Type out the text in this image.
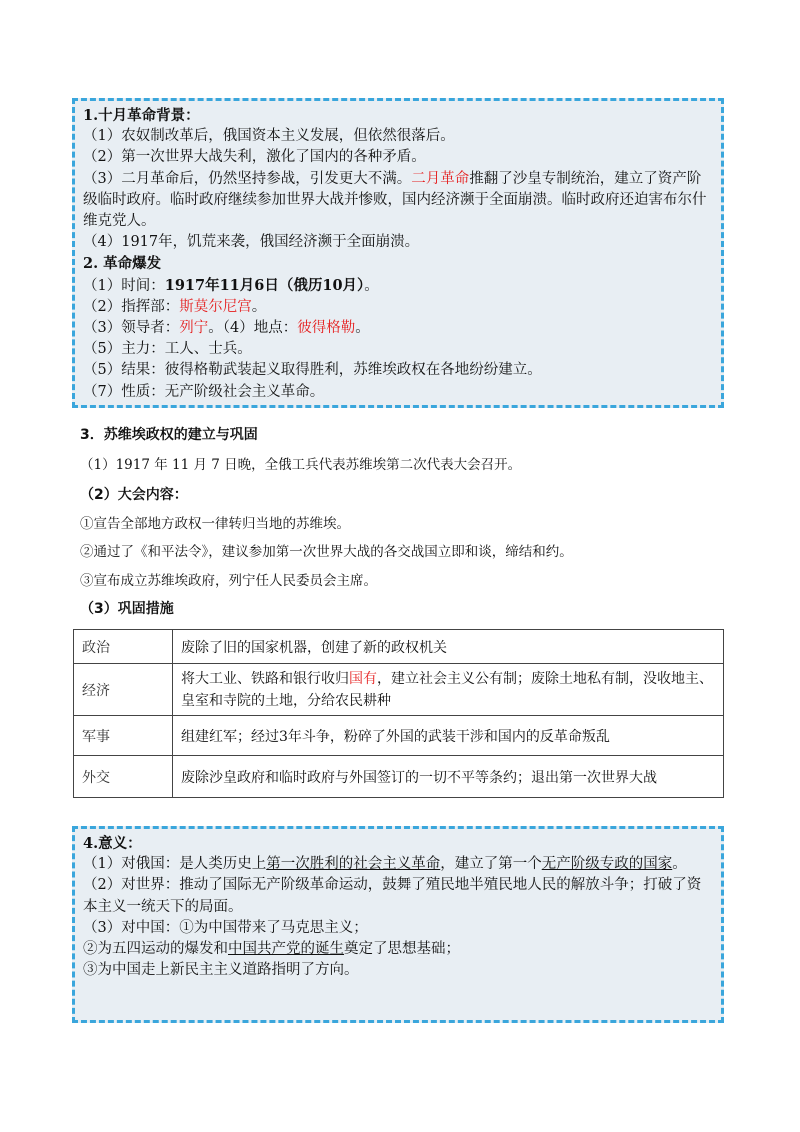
1.十月革命背景：

（1）农奴制改革后，俄国资本主义发展，但依然很落后。

（2）第一次世界大战失利，激化了国内的各种矛盾。

（3）二月革命后，仍然坚持参战，引发更大不满。二月革命推翻了沙皇专制统治，建立了资产阶级临时政府。临时政府继续参加世界大战并惨败，国内经济濒于全面崩溃。临时政府还迫害布尔什维克党人。

（4）1917年，饥荒来袭，俄国经济濒于全面崩溃。

2. 革命爆发

（1）时间：1917年11月6日（俄历10月）。

（2）指挥部：斯莫尔尼宫。

（3）领导者：列宁。（4）地点：彼得格勒。

（5）主力：工人、士兵。

（5）结果：彼得格勒武装起义取得胜利，苏维埃政权在各地纷纷建立。

（7）性质：无产阶级社会主义革命。

3．苏维埃政权的建立与巩固
（1）1917 年 11 月 7 日晚，全俄工兵代表苏维埃第二次代表大会召开。
（2）大会内容：
①宣告全部地方政权一律转归当地的苏维埃。
②通过了《和平法令》，建议参加第一次世界大战的各交战国立即和谈，缔结和约。
③宣布成立苏维埃政府，列宁任人民委员会主席。
（3）巩固措施
政治	废除了旧的国家机器，创建了新的政权机关
经济	将大工业、铁路和银行收归国有，建立社会主义公有制；废除土地私有制，没收地主、皇室和寺院的土地，分给农民耕种
军事	组建红军；经过3年斗争，粉碎了外国的武装干涉和国内的反革命叛乱
外交	废除沙皇政府和临时政府与外国签订的一切不平等条约；退出第一次世界大战

4.意义：

（1）对俄国：是人类历史上第一次胜利的社会主义革命，建立了第一个无产阶级专政的国家。

（2）对世界：推动了国际无产阶级革命运动，鼓舞了殖民地半殖民地人民的解放斗争；打破了资本主义一统天下的局面。

（3）对中国：①为中国带来了马克思主义；

②为五四运动的爆发和中国共产党的诞生奠定了思想基础；

③为中国走上新民主主义道路指明了方向。
